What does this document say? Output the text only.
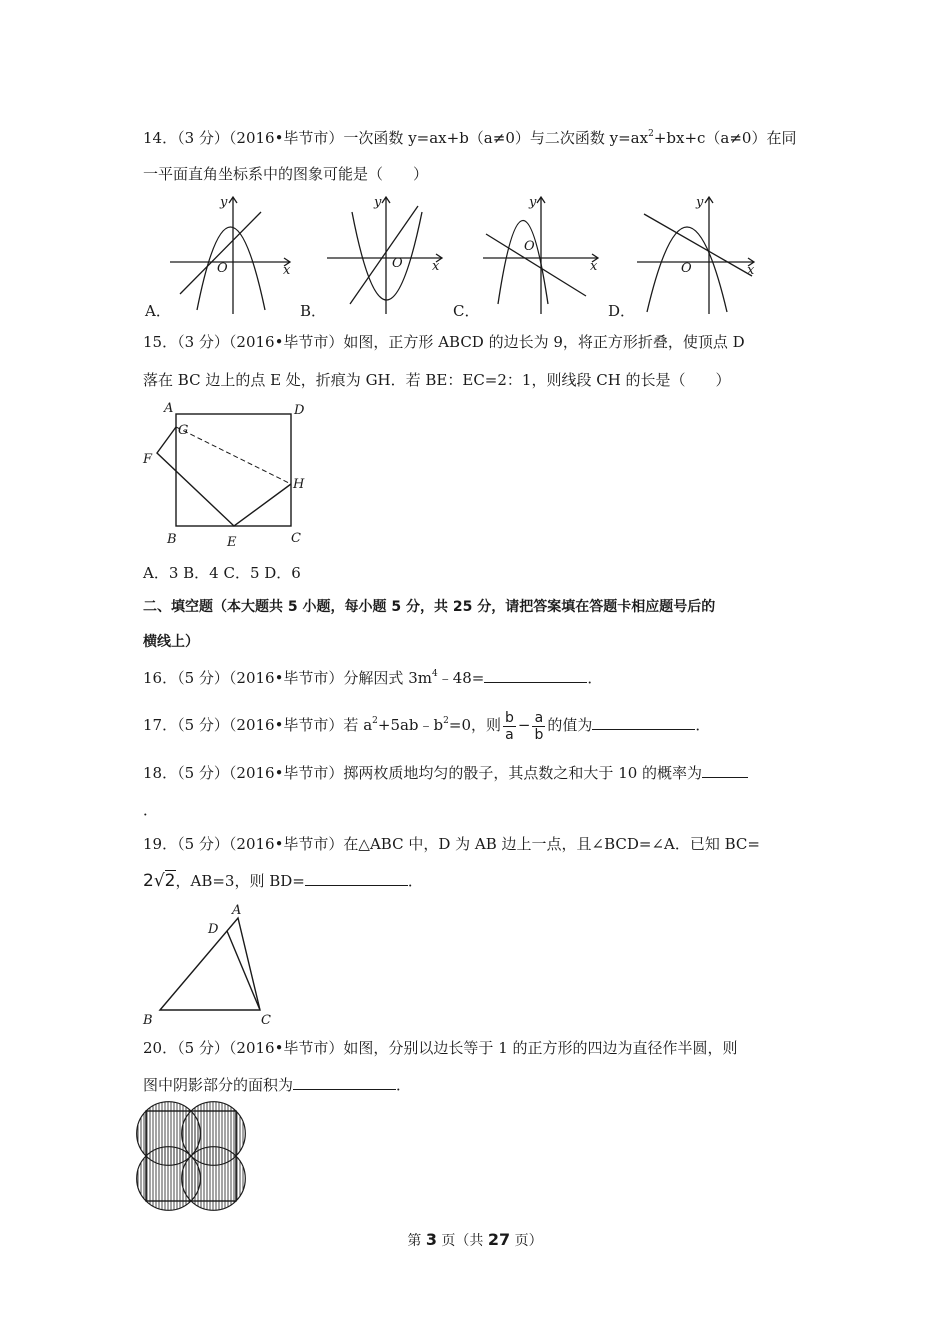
14．（3 分）（2016•毕节市）一次函数 y=ax+b（a≠0）与二次函数 $y=ax^2+bx+c(a\ne 0)$在同
一平面直角坐标系中的图象可能是（　　）
y
x
O
y
x
O
y
x
O
y
x
O
A．	B．	C．	D．
15．（3 分）（2016•毕节市）如图，正方形 ABCD 的边长为 9，将正方形折叠，使顶点 D
落在 BC 边上的点 E 处，折痕为 GH．若 BE：EC=2：1，则线段 CH 的长是（　　）
A	D
G
F
H
B	E	C
A．3 B．4 C．5 D．6
二、填空题（本大题共 5 小题，每小题 5 分，共 25 分，请把答案填在答题卡相应题号后的
横线上）
16．（5 分）（2016•毕节市）分解因式 $3m^4﹣48=$	．
17．（5 分）（2016•毕节市）若 $a^2+5ab﹣b^2=0$，则 $\frac{b}{a} - \frac{a}{b}$ 的值为	．
18．（5 分）（2016•毕节市）掷两枚质地均匀的骰子，其点数之和大于 10 的概率为
．
19．（5 分）（2016•毕节市）在△ABC 中，D 为 AB 边上一点，且∠BCD=∠A．已知 BC=
2√2，AB=3，则 BD=	．
A
D
B	C
20．（5 分）（2016•毕节市）如图，分别以边长等于 1 的正方形的四边为直径作半圆，则
图中阴影部分的面积为	．
第 3 页（共 27 页）
